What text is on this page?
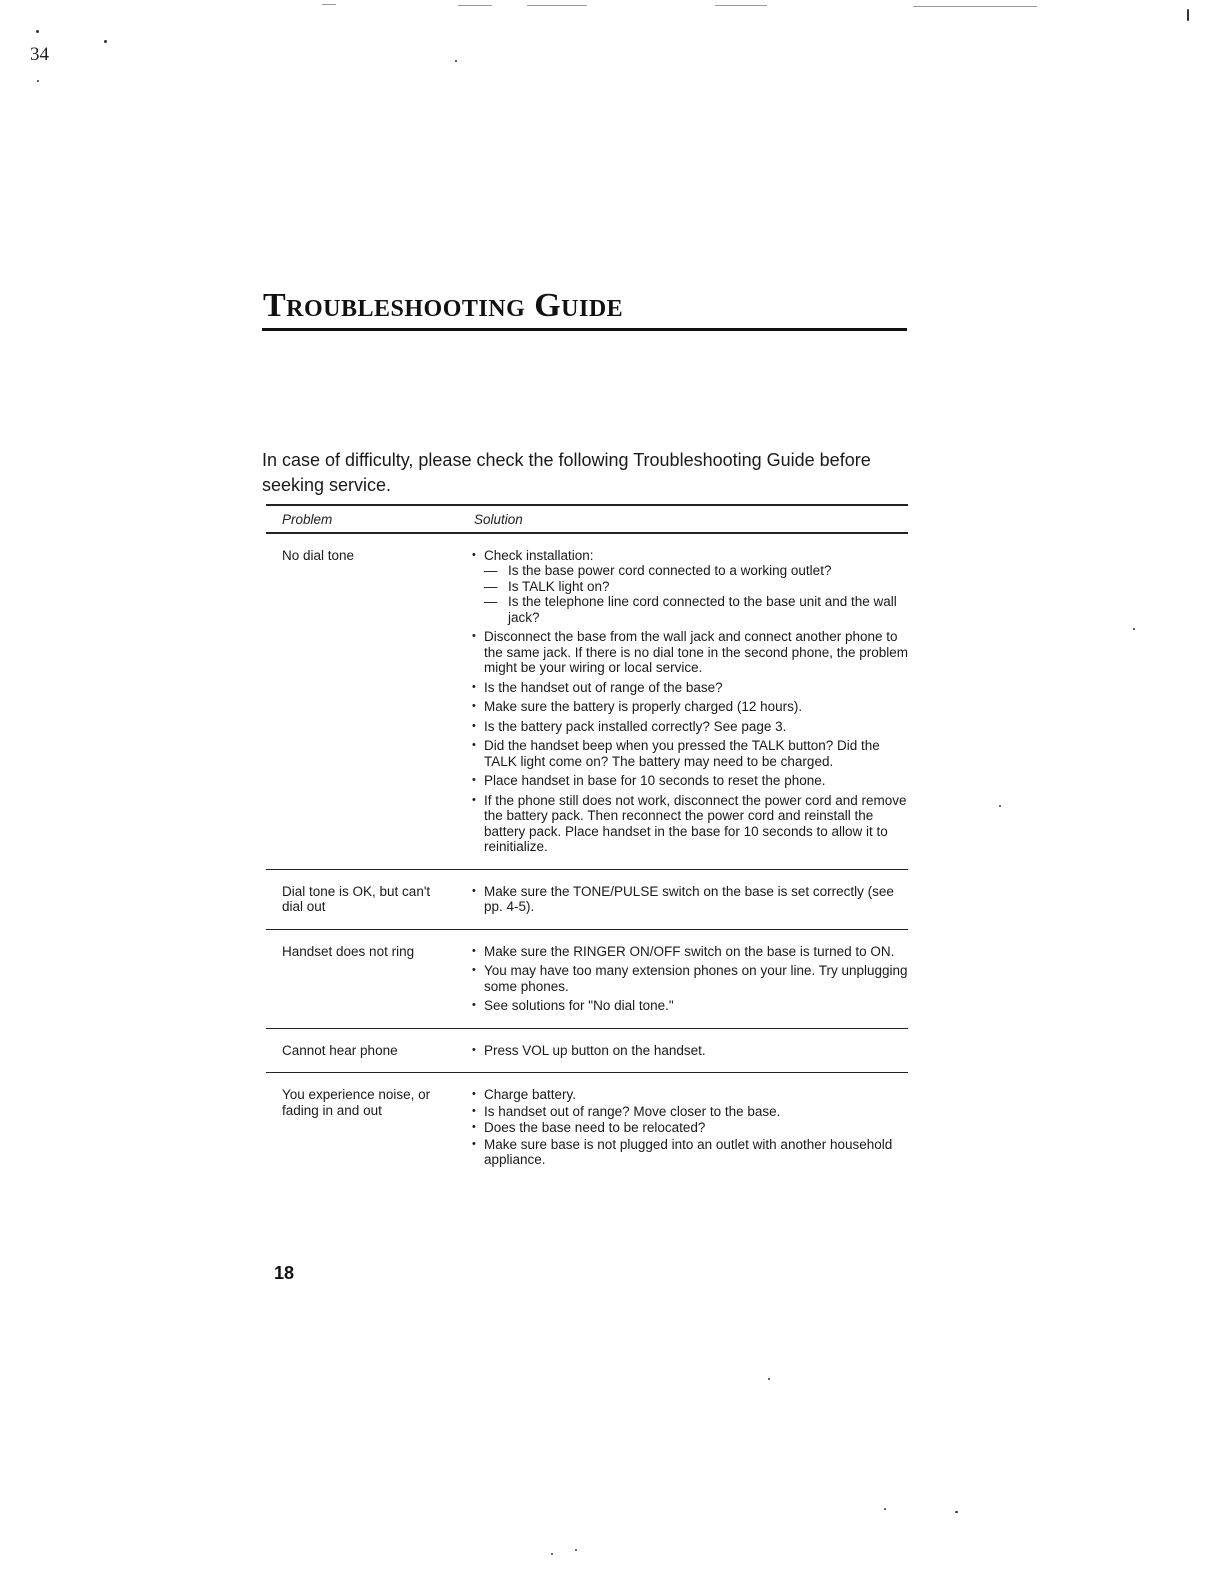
34
Troubleshooting Guide
In case of difficulty, please check the following Troubleshooting Guide before seeking service.
Problem	Solution
No dial tone	• Check installation:
— Is the base power cord connected to a working outlet?
— Is TALK light on?
— Is the telephone line cord connected to the base unit and the wall jack?
• Disconnect the base from the wall jack and connect another phone to the same jack. If there is no dial tone in the second phone, the problem might be your wiring or local service.
• Is the handset out of range of the base?
• Make sure the battery is properly charged (12 hours).
• Is the battery pack installed correctly? See page 3.
• Did the handset beep when you pressed the TALK button? Did the TALK light come on? The battery may need to be charged.
• Place handset in base for 10 seconds to reset the phone.
• If the phone still does not work, disconnect the power cord and remove the battery pack. Then reconnect the power cord and reinstall the battery pack. Place handset in the base for 10 seconds to allow it to reinitialize.
Dial tone is OK, but can't dial out
• Make sure the TONE/PULSE switch on the base is set correctly (see pp. 4-5).
Handset does not ring	• Make sure the RINGER ON/OFF switch on the base is turned to ON.
• You may have too many extension phones on your line. Try unplugging some phones.
• See solutions for "No dial tone."
Cannot hear phone	• Press VOL up button on the handset.
You experience noise, or fading in and out
• Charge battery.
• Is handset out of range? Move closer to the base.
• Does the base need to be relocated?
• Make sure base is not plugged into an outlet with another household appliance.
18
